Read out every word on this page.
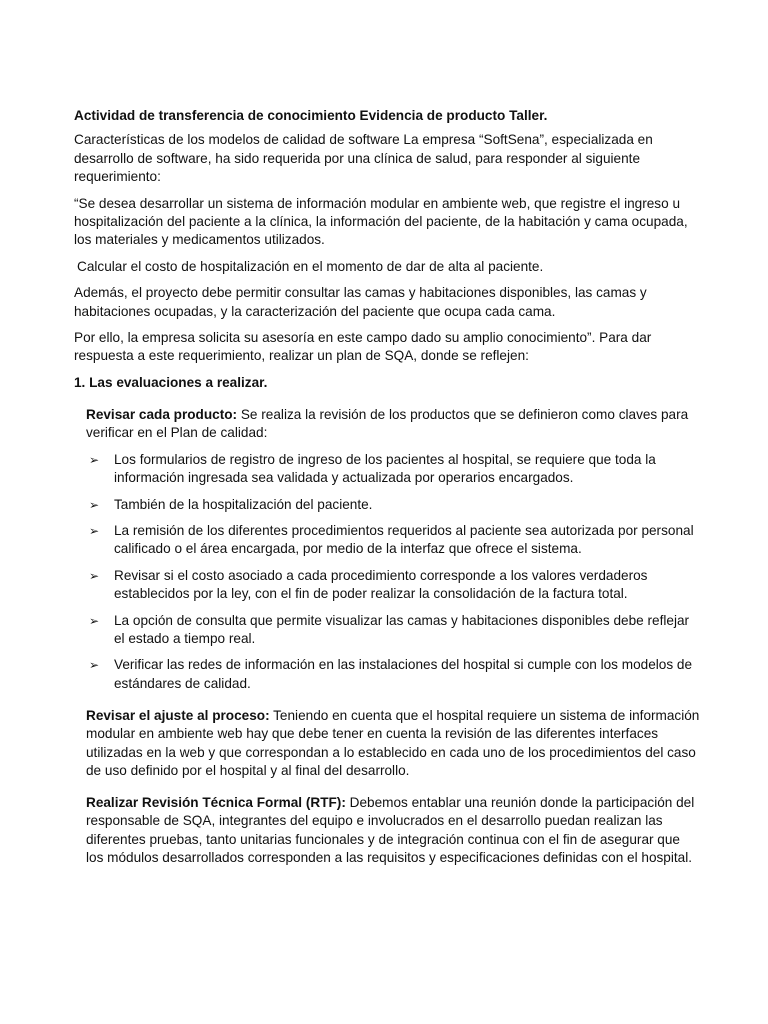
Actividad de transferencia de conocimiento Evidencia de producto Taller.

Características de los modelos de calidad de software La empresa “SoftSena”, especializada en desarrollo de software, ha sido requerida por una clínica de salud, para responder al siguiente requerimiento:

“Se desea desarrollar un sistema de información modular en ambiente web, que registre el ingreso u hospitalización del paciente a la clínica, la información del paciente, de la habitación y cama ocupada, los materiales y medicamentos utilizados.

Calcular el costo de hospitalización en el momento de dar de alta al paciente.

Además, el proyecto debe permitir consultar las camas y habitaciones disponibles, las camas y habitaciones ocupadas, y la caracterización del paciente que ocupa cada cama.

Por ello, la empresa solicita su asesoría en este campo dado su amplio conocimiento”. Para dar respuesta a este requerimiento, realizar un plan de SQA, donde se reflejen:

1. Las evaluaciones a realizar.

Revisar cada producto: Se realiza la revisión de los productos que se definieron como claves para verificar en el Plan de calidad:

➢ Los formularios de registro de ingreso de los pacientes al hospital, se requiere que toda la información ingresada sea validada y actualizada por operarios encargados.
➢ También de la hospitalización del paciente.
➢ La remisión de los diferentes procedimientos requeridos al paciente sea autorizada por personal calificado o el área encargada, por medio de la interfaz que ofrece el sistema.
➢ Revisar si el costo asociado a cada procedimiento corresponde a los valores verdaderos establecidos por la ley, con el fin de poder realizar la consolidación de la factura total.
➢ La opción de consulta que permite visualizar las camas y habitaciones disponibles debe reflejar el estado a tiempo real.
➢ Verificar las redes de información en las instalaciones del hospital si cumple con los modelos de estándares de calidad.

Revisar el ajuste al proceso: Teniendo en cuenta que el hospital requiere un sistema de información modular en ambiente web hay que debe tener en cuenta la revisión de las diferentes interfaces utilizadas en la web y que correspondan a lo establecido en cada uno de los procedimientos del caso de uso definido por el hospital y al final del desarrollo.

Realizar Revisión Técnica Formal (RTF): Debemos entablar una reunión donde la participación del responsable de SQA, integrantes del equipo e involucrados en el desarrollo puedan realizan las diferentes pruebas, tanto unitarias funcionales y de integración continua con el fin de asegurar que los módulos desarrollados corresponden a las requisitos y especificaciones definidas con el hospital.
